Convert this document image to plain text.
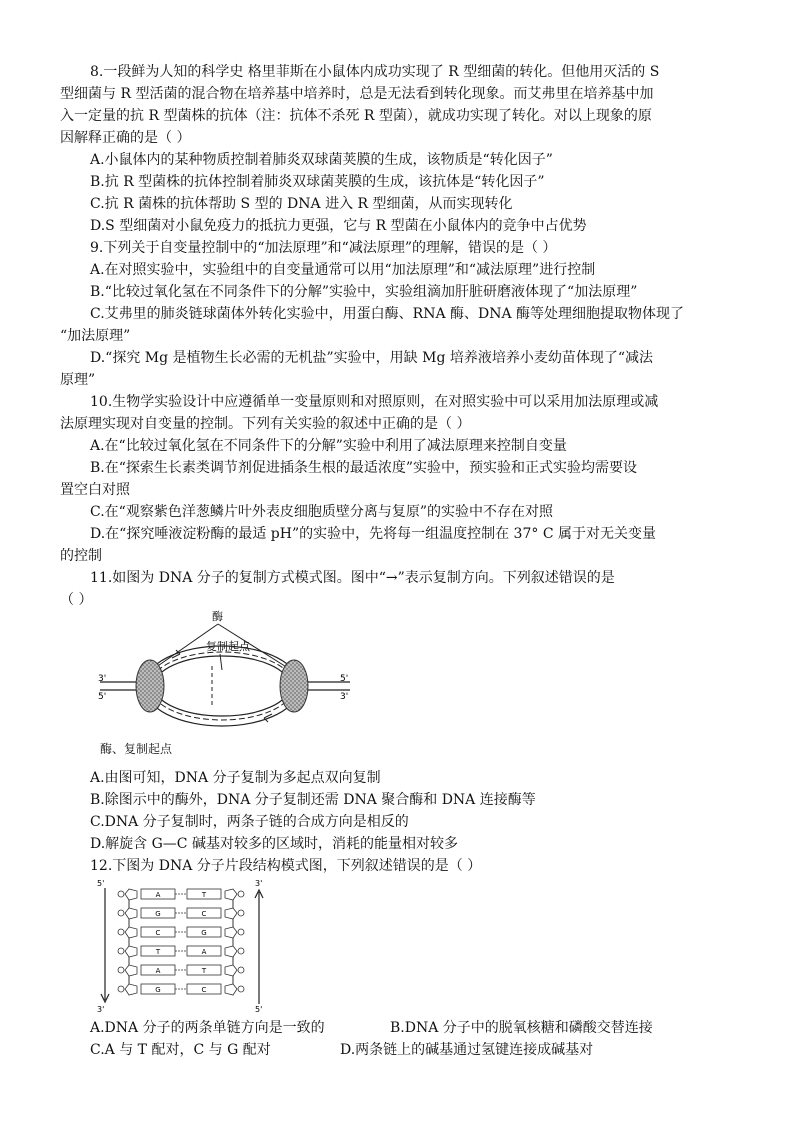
8.一段鲜为人知的科学史 格里菲斯在小鼠体内成功实现了 R 型细菌的转化。但他用灭活的 S
型细菌与 R 型活菌的混合物在培养基中培养时，总是无法看到转化现象。而艾弗里在培养基中加
入一定量的抗 R 型菌株的抗体（注：抗体不杀死 R 型菌），就成功实现了转化。对以上现象的原
因解释正确的是（ ）
A.小鼠体内的某种物质控制着肺炎双球菌荚膜的生成，该物质是“转化因子”
B.抗 R 型菌株的抗体控制着肺炎双球菌荚膜的生成，该抗体是“转化因子”
C.抗 R 菌株的抗体帮助 S 型的 DNA 进入 R 型细菌，从而实现转化
D.S 型细菌对小鼠免疫力的抵抗力更强，它与 R 型菌在小鼠体内的竞争中占优势
9.下列关于自变量控制中的“加法原理”和“减法原理”的理解，错误的是（ ）
A.在对照实验中，实验组中的自变量通常可以用“加法原理”和“减法原理”进行控制
B.“比较过氧化氢在不同条件下的分解”实验中，实验组滴加肝脏研磨液体现了“加法原理”
C.艾弗里的肺炎链球菌体外转化实验中，用蛋白酶、RNA 酶、DNA 酶等处理细胞提取物体现了
“加法原理”
D.“探究 Mg 是植物生长必需的无机盐”实验中，用缺 Mg 培养液培养小麦幼苗体现了“减法
原理”
10.生物学实验设计中应遵循单一变量原则和对照原则，在对照实验中可以采用加法原理或减
法原理实现对自变量的控制。下列有关实验的叙述中正确的是（ ）
A.在“比较过氧化氢在不同条件下的分解”实验中利用了减法原理来控制自变量
B.在“探索生长素类调节剂促进插条生根的最适浓度”实验中，预实验和正式实验均需要设
置空白对照
C.在“观察紫色洋葱鳞片叶外表皮细胞质壁分离与复原”的实验中不存在对照
D.在“探究唾液淀粉酶的最适 pH”的实验中，先将每一组温度控制在 37° C 属于对无关变量
的控制
11.如图为 DNA 分子的复制方式模式图。图中“→”表示复制方向。下列叙述错误的是
（ ）
酶
复制起点
3'
5'
5'
3'
酶、复制起点
A.由图可知，DNA 分子复制为多起点双向复制
B.除图示中的酶外，DNA 分子复制还需 DNA 聚合酶和 DNA 连接酶等
C.DNA 分子复制时，两条子链的合成方向是相反的
D.解旋含 G—C 碱基对较多的区域时，消耗的能量相对较多
12.下图为 DNA 分子片段结构模式图，下列叙述错误的是（ ）
5'
3'
3'
5'
A	T
G	C
C	G
T	A
A	T
G	C
A.DNA 分子的两条单链方向是一致的	B.DNA 分子中的脱氧核糖和磷酸交替连接
C.A 与 T 配对，C 与 G 配对	D.两条链上的碱基通过氢键连接成碱基对
